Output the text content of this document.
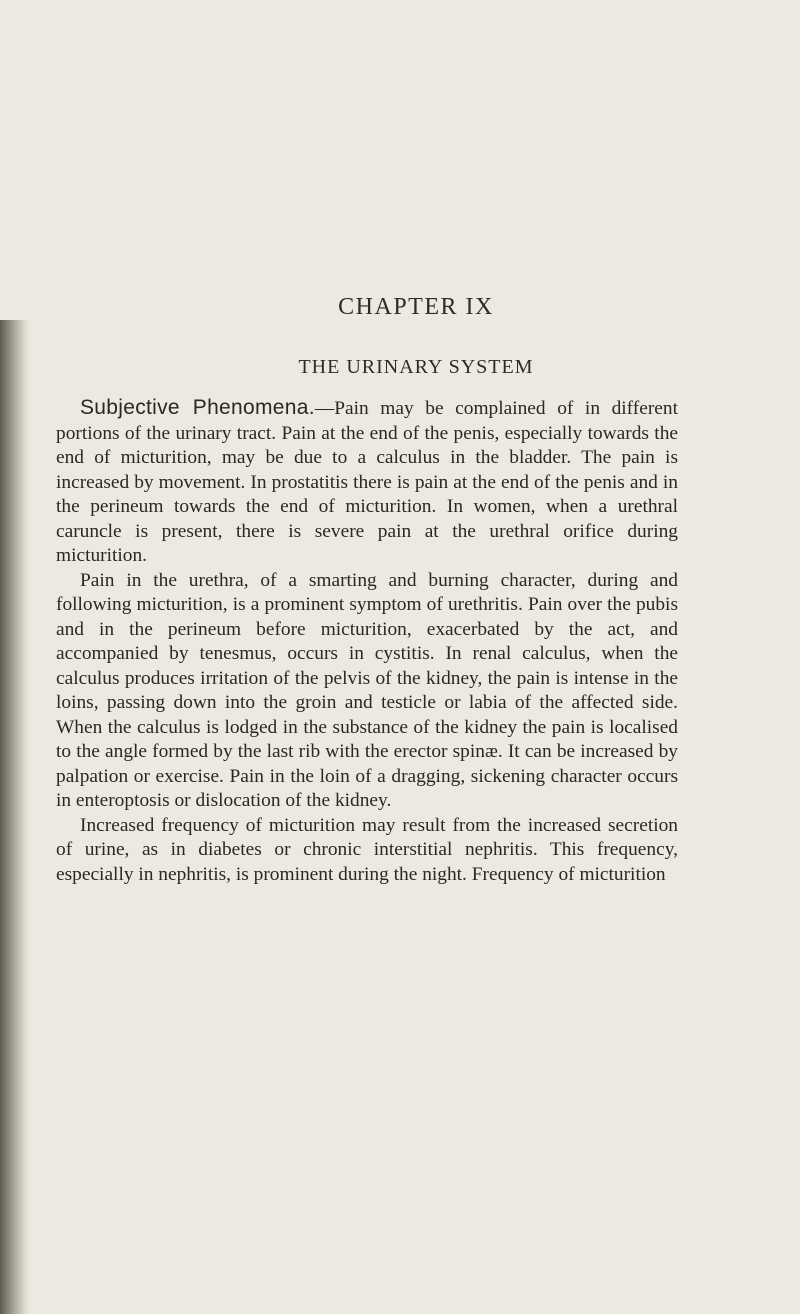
CHAPTER IX
THE URINARY SYSTEM

Subjective Phenomena.—Pain may be complained of in different portions of the urinary tract. Pain at the end of the penis, especially towards the end of micturition, may be due to a calculus in the bladder. The pain is increased by movement. In prostatitis there is pain at the end of the penis and in the perineum towards the end of micturition. In women, when a urethral caruncle is present, there is severe pain at the urethral orifice during micturition.

Pain in the urethra, of a smarting and burning character, during and following micturition, is a prominent symptom of urethritis. Pain over the pubis and in the perineum before micturition, exacerbated by the act, and accompanied by tenesmus, occurs in cystitis. In renal calculus, when the calculus produces irritation of the pelvis of the kidney, the pain is intense in the loins, passing down into the groin and testicle or labia of the affected side. When the calculus is lodged in the substance of the kidney the pain is localised to the angle formed by the last rib with the erector spinæ. It can be increased by palpation or exercise. Pain in the loin of a dragging, sickening character occurs in enteroptosis or dislocation of the kidney.

Increased frequency of micturition may result from the increased secretion of urine, as in diabetes or chronic interstitial nephritis. This frequency, especially in nephritis, is prominent during the night. Frequency of micturition
